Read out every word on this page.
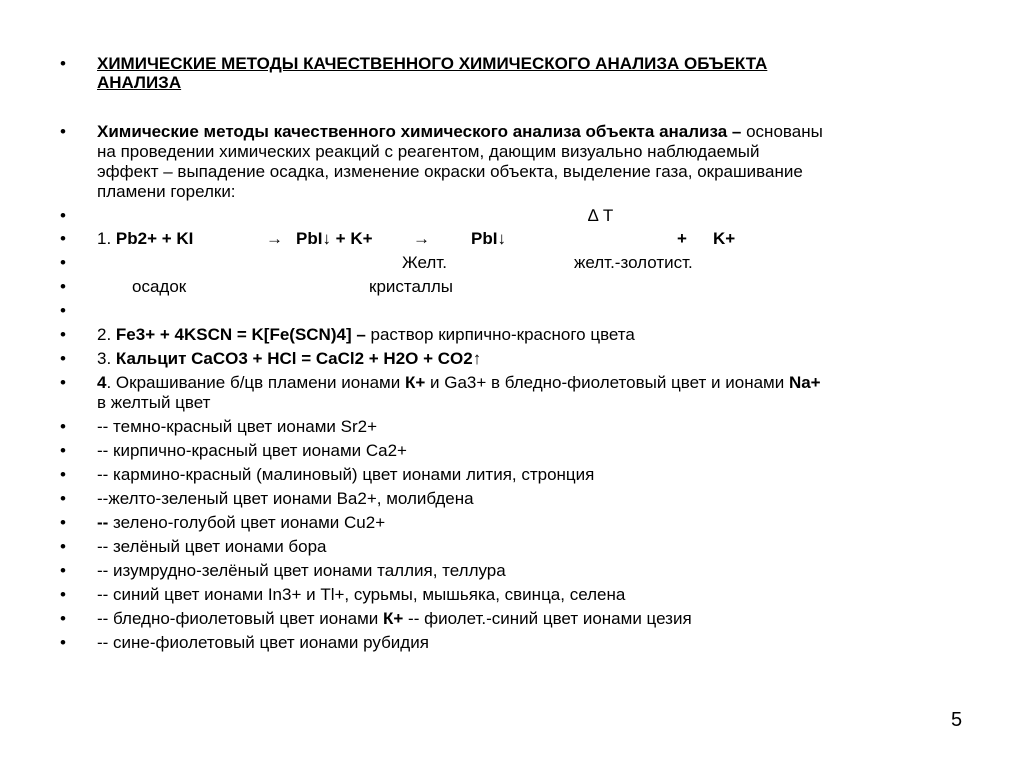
•
•
•
•
•
•
•
•
•
•
•
•
•
•
•
•
•
•
•
•
ХИМИЧЕСКИЕ МЕТОДЫ КАЧЕСТВЕННОГО ХИМИЧЕСКОГО АНАЛИЗА ОБЪЕКТА
АНАЛИЗА
Химические методы качественного химического анализа объекта анализа – основаны
на проведении химических реакций с реагентом, дающим визуально наблюдаемый
эффект – выпадение осадка, изменение окраски объекта, выделение газа, окрашивание
пламени горелки:
∆ T
1. Pb2+ + KI	→ PbI↓ + K+ → PbI↓	+ K+
Желт.	желт.-золотист.
осадок	кристаллы
2. Fe3+ + 4KSCN = K[Fe(SCN)4] – раствор кирпично-красного цвета
3. Кальцит CaCO3 + HCl = CaCl2 + H2O + CO2↑
4. Окрашивание б/цв пламени ионами К+ и Ga3+ в бледно-фиолетовый цвет и ионами Na+
в желтый цвет
-- темно-красный цвет ионами Sr2+
-- кирпично-красный цвет ионами Ca2+
-- кармино-красный (малиновый) цвет ионами лития, стронция
--желто-зеленый цвет ионами Ba2+, молибдена
-- зелено-голубой цвет ионами Cu2+
-- зелёный цвет ионами бора
-- изумрудно-зелёный цвет ионами таллия, теллура
-- синий цвет ионами In3+ и Tl+, сурьмы, мышьяка, свинца, селена
-- бледно-фиолетовый цвет ионами К+ -- фиолет.-синий цвет ионами цезия
-- сине-фиолетовый цвет ионами рубидия
5
